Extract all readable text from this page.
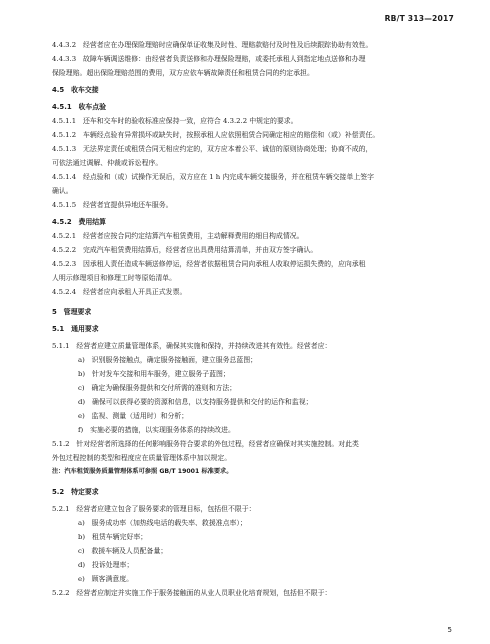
RB/T 313—2017
4.4.3.2　经营者应在办理保险理赔时应确保单证收集及时性、理赔款赔付及时性及后续跟踪协助有效性。
4.4.3.3　故障车辆调送维修：由经营者负责送修和办理保险理赔，或委托承租人到指定地点送修和办理
保险理赔。超出保险理赔范围的费用，双方应依车辆故障责任和租赁合同的约定承担。
4.5　收车交接
4.5.1　收车点验
4.5.1.1　还车和交车时的验收标准应保持一致，应符合 4.3.2.2 中规定的要求。
4.5.1.2　车辆经点验有异常损坏或缺失时，按照承租人应依照租赁合同确定相应的赔偿和（或）补偿责任。
4.5.1.3　无法界定责任或租赁合同无相应约定的，双方应本着公平、诚信的原则协商处理；协商不成的，
可依法通过调解、仲裁或诉讼程序。
4.5.1.4　经点验和（或）试操作无误后，双方应在 1 h 内完成车辆交接服务，并在租赁车辆交接单上签字
确认。
4.5.1.5　经营者宜提供异地还车服务。
4.5.2　费用结算
4.5.2.1　经营者应按合同约定结算汽车租赁费用，主动解释费用的细目构成情况。
4.5.2.2　完成汽车租赁费用结算后，经营者应出具费用结算清单，并由双方签字确认。
4.5.2.3　因承租人责任造成车辆送修停运，经营者依据租赁合同向承租人收取停运损失费的，应向承租
人明示修理项目和修理工时等原始清单。
4.5.2.4　经营者应向承租人开具正式发票。
5　管理要求
5.1　通用要求
5.1.1　经营者应建立质量管理体系，确保其实施和保持，并持续改进其有效性。经营者应：
a)　识别服务接触点，确定服务接触面，建立服务总蓝图；
b)　针对发车交接和用车服务，建立服务子蓝图；
c)　确定为确保服务提供和交付所需的准则和方法；
d)　确保可以获得必要的资源和信息，以支持服务提供和交付的运作和监视；
e)　监视、测量（适用时）和分析；
f)　实施必要的措施，以实现服务体系的持续改进。
5.1.2　针对经营者所选择的任何影响服务符合要求的外包过程，经营者应确保对其实施控制。对此类
外包过程控制的类型和程度应在质量管理体系中加以规定。
注：汽车租赁服务质量管理体系可参照 GB/T 19001 标准要求。
5.2　特定要求
5.2.1　经营者应建立包含了服务要求的管理目标，包括但不限于：
a)　服务成功率（加热线电话的载失率、救援准点率）；
b)　租赁车辆完好率；
c)　救援车辆及人员配备量；
d)　投诉处理率；
e)　顾客满意度。
5.2.2　经营者应制定并实施工作于服务接触面的从业人员职业化培育规划，包括但不限于：
5
